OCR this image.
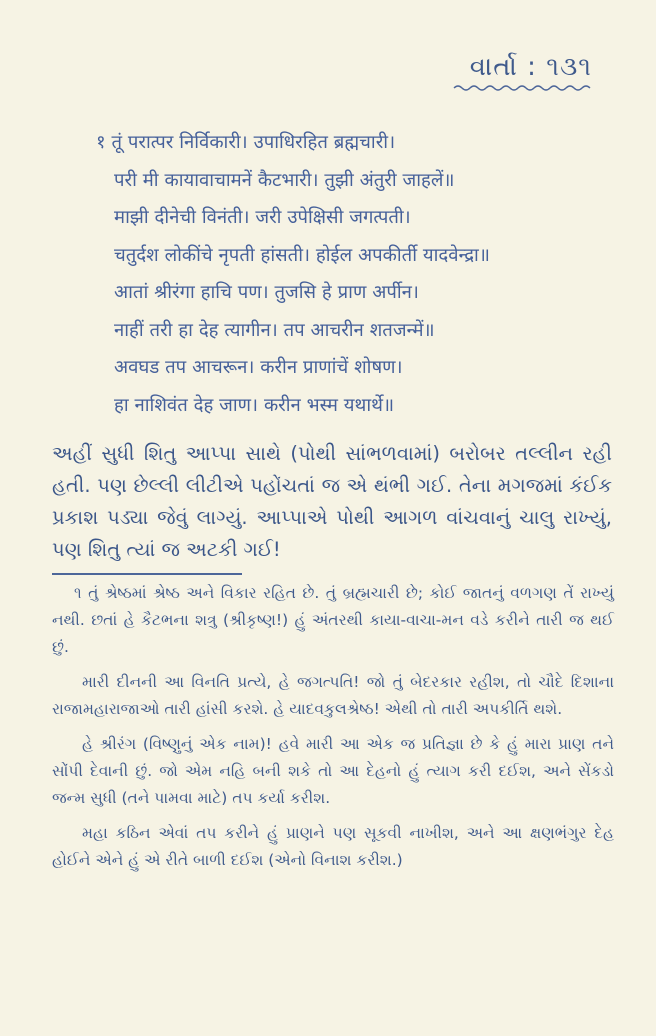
વાર્તા : ૧૩૧
१ तूं परात्पर निर्विकारी। उपाधिरहित ब्रह्मचारी।
परी मी कायावाचामनें कैटभारी। तुझी अंतुरी जाहलें॥
माझी दीनेची विनंती। जरी उपेक्षिसी जगत्पती।
चतुर्दश लोकींचे नृपती हांसती। होईल अपकीर्ती यादवेन्द्रा॥
आतां श्रीरंगा हाचि पण। तुजसि हे प्राण अर्पीन।
नाहीं तरी हा देह त्यागीन। तप आचरीन शतजन्में॥
अवघड तप आचरून। करीन प्राणांचें शोषण।
हा नाशिवंत देह जाण। करीन भस्म यथार्थे॥
અહીં સુધી શિતુ આપ્પા સાથે (પોથી સાંભળવામાં) બરોબર તલ્લીન રહી હતી. પણ છેલ્લી લીટીએ પહોંચતાં જ એ થંભી ગઈ. તેના મગજમાં કંઈક પ્રકાશ પડ્યા જેવું લાગ્યું. આપ્પાએ પોથી આગળ વાંચવાનું ચાલુ રાખ્યું, પણ શિતુ ત્યાં જ અટકી ગઈ!

૧ તું શ્રેષ્ઠમાં શ્રેષ્ઠ અને વિકાર રહિત છે. તું બ્રહ્મચારી છે; કોઈ જાતનું વળગણ તેં રાખ્યું નથી. છતાં હે કૈટભના શત્રુ (શ્રીકૃષ્ણ!) હું અંતરથી કાયા-વાચા-મન વડે કરીને તારી જ થઈ છું.

મારી દીનની આ વિનતિ પ્રત્યે, હે જગત્પતિ! જો તું બેદરકાર રહીશ, તો ચૌદે દિશાના રાજામહારાજાઓ તારી હાંસી કરશે. હે યાદવકુલશ્રેષ્ઠ! એથી તો તારી અપકીર્તિ થશે.

હે શ્રીરંગ (વિષ્ણુનું એક નામ)! હવે મારી આ એક જ પ્રતિજ્ઞા છે કે હું મારા પ્રાણ તને સોંપી દેવાની છું. જો એમ નહિ બની શકે તો આ દેહનો હું ત્યાગ કરી દઈશ, અને સેંકડો જન્મ સુધી (તને પામવા માટે) તપ કર્યા કરીશ.

મહા કઠિન એવાં તપ કરીને હું પ્રાણને પણ સૂકવી નાખીશ, અને આ ક્ષણભંગુર દેહ હોઈને એને હું એ રીતે બાળી દઈશ (એનો વિનાશ કરીશ.)
